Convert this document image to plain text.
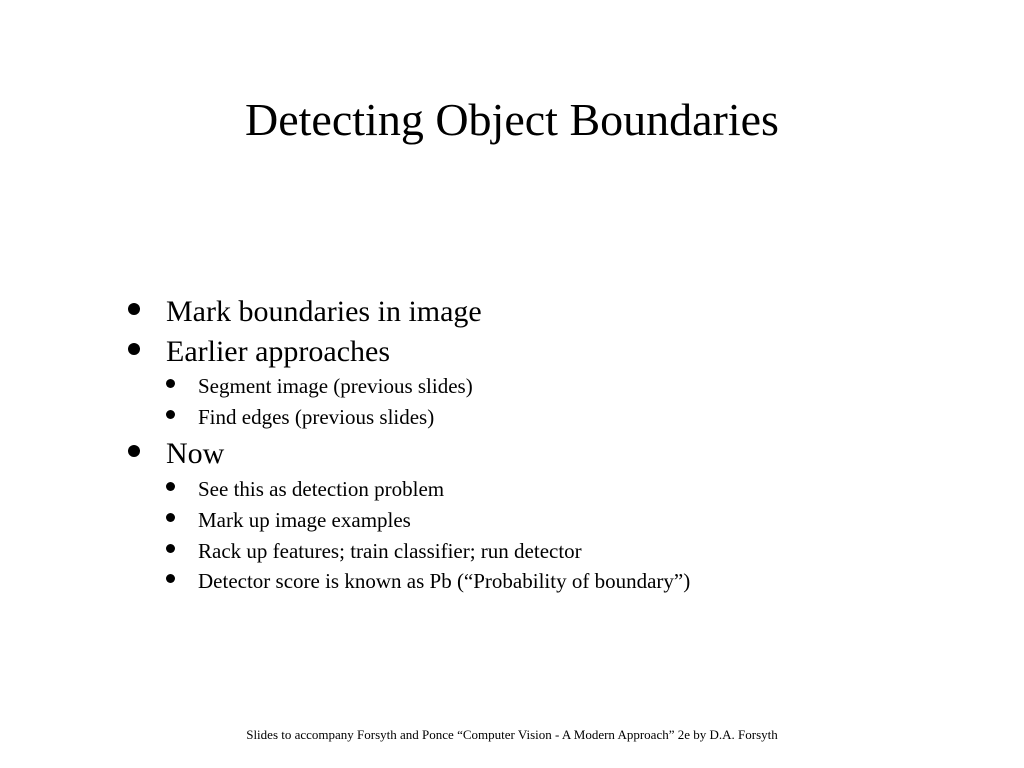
Detecting Object Boundaries
Mark boundaries in image
Earlier approaches
Segment image (previous slides)
Find edges (previous slides)
Now
See this as detection problem
Mark up image examples
Rack up features; train classifier; run detector
Detector score is known as Pb (“Probability of boundary”)
Slides to accompany Forsyth and Ponce “Computer Vision - A Modern Approach” 2e by D.A. Forsyth
